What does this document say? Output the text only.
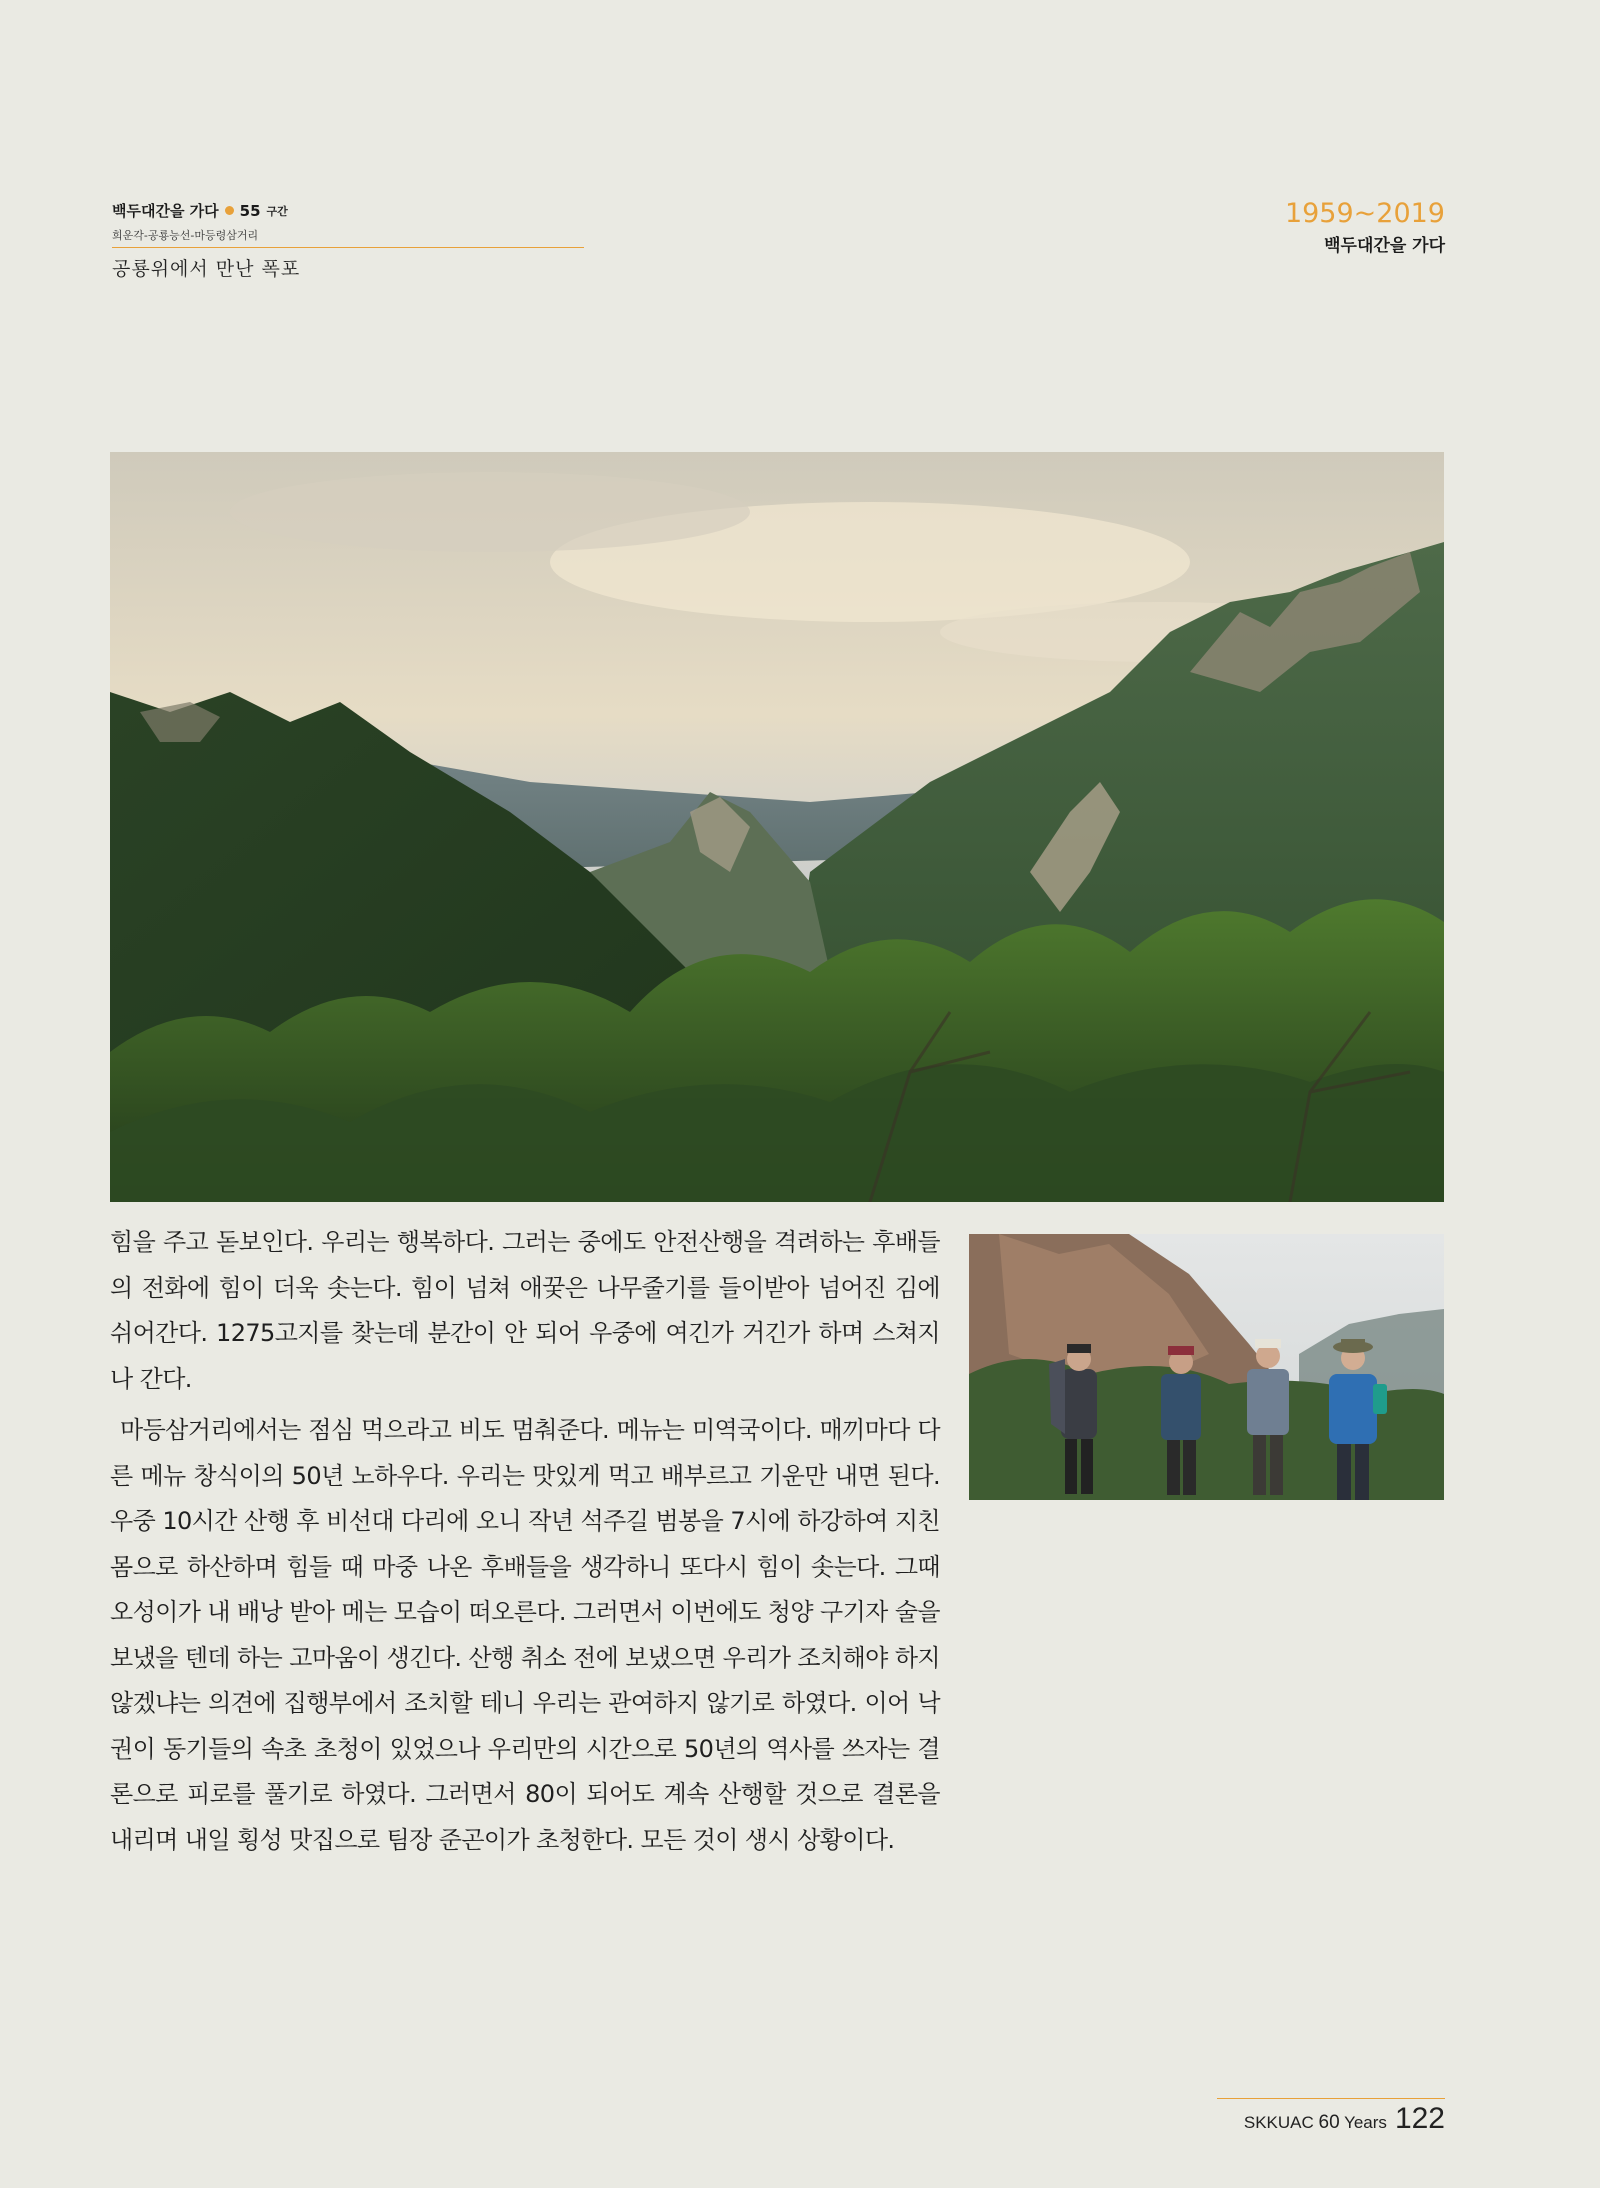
백두대간을 가다 55 구간
희운각-공룡능선-마등령삼거리
공룡위에서 만난 폭포
1959~2019
백두대간을 가다

힘을 주고 돋보인다. 우리는 행복하다. 그러는 중에도 안전산행을 격려하는 후배들의 전화에 힘이 더욱 솟는다. 힘이 넘쳐 애꿎은 나무줄기를 들이받아 넘어진 김에 쉬어간다. 1275고지를 찾는데 분간이 안 되어 우중에 여긴가 거긴가 하며 스쳐지나 간다.

마등삼거리에서는 점심 먹으라고 비도 멈춰준다. 메뉴는 미역국이다. 매끼마다 다른 메뉴 창식이의 50년 노하우다. 우리는 맛있게 먹고 배부르고 기운만 내면 된다. 우중 10시간 산행 후 비선대 다리에 오니 작년 석주길 범봉을 7시에 하강하여 지친 몸으로 하산하며 힘들 때 마중 나온 후배들을 생각하니 또다시 힘이 솟는다. 그때 오성이가 내 배낭 받아 메는 모습이 떠오른다. 그러면서 이번에도 청양 구기자 술을 보냈을 텐데 하는 고마움이 생긴다. 산행 취소 전에 보냈으면 우리가 조치해야 하지 않겠냐는 의견에 집행부에서 조치할 테니 우리는 관여하지 않기로 하였다. 이어 낙권이 동기들의 속초 초청이 있었으나 우리만의 시간으로 50년의 역사를 쓰자는 결론으로 피로를 풀기로 하였다. 그러면서 80이 되어도 계속 산행할 것으로 결론을 내리며 내일 횡성 맛집으로 팀장 준곤이가 초청한다. 모든 것이 생시 상황이다.

SKKUAC 60 Years 122
